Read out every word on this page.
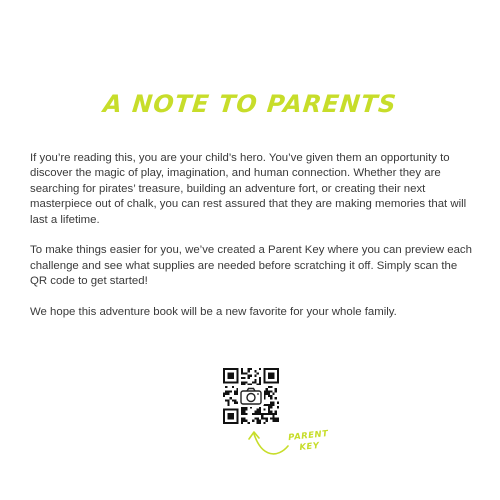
A NOTE TO PARENTS

If you’re reading this, you are your child’s hero. You’ve given them an opportunity to discover the magic of play, imagination, and human connection. Whether they are searching for pirates’ treasure, building an adventure fort, or creating their next masterpiece out of chalk, you can rest assured that they are making memories that will last a lifetime.

To make things easier for you, we’ve created a Parent Key where you can preview each challenge and see what supplies are needed before scratching it off. Simply scan the QR code to get started!

We hope this adventure book will be a new favorite for your whole family.

PARENT
KEY
